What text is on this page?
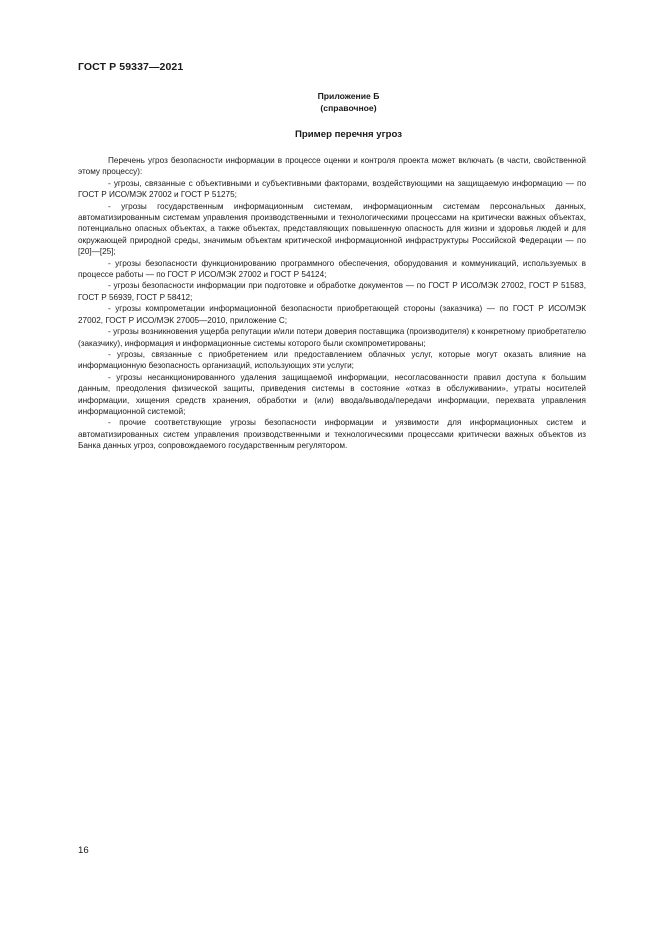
ГОСТ Р 59337—2021
Приложение Б
(справочное)
Пример перечня угроз

Перечень угроз безопасности информации в процессе оценки и контроля проекта может включать (в части, свойственной этому процессу):

- угрозы, связанные с объективными и субъективными факторами, воздействующими на защищаемую информацию — по ГОСТ Р ИСО/МЭК 27002 и ГОСТ Р 51275;

- угрозы государственным информационным системам, информационным системам персональных данных, автоматизированным системам управления производственными и технологическими процессами на критически важных объектах, потенциально опасных объектах, а также объектах, представляющих повышенную опасность для жизни и здоровья людей и для окружающей природной среды, значимым объектам критической информационной инфраструктуры Российской Федерации — по [20]—[25];

- угрозы безопасности функционированию программного обеспечения, оборудования и коммуникаций, используемых в процессе работы — по ГОСТ Р ИСО/МЭК 27002 и ГОСТ Р 54124;

- угрозы безопасности информации при подготовке и обработке документов — по ГОСТ Р ИСО/МЭК 27002, ГОСТ Р 51583, ГОСТ Р 56939, ГОСТ Р 58412;

- угрозы компрометации информационной безопасности приобретающей стороны (заказчика) — по ГОСТ Р ИСО/МЭК 27002, ГОСТ Р ИСО/МЭК 27005—2010, приложение С;

- угрозы возникновения ущерба репутации и/или потери доверия поставщика (производителя) к конкретному приобретателю (заказчику), информация и информационные системы которого были скомпрометированы;

- угрозы, связанные с приобретением или предоставлением облачных услуг, которые могут оказать влияние на информационную безопасность организаций, использующих эти услуги;

- угрозы несанкционированного удаления защищаемой информации, несогласованности правил доступа к большим данным, преодоления физической защиты, приведения системы в состояние «отказ в обслуживании», утраты носителей информации, хищения средств хранения, обработки и (или) ввода/вывода/передачи информации, перехвата управления информационной системой;

- прочие соответствующие угрозы безопасности информации и уязвимости для информационных систем и автоматизированных систем управления производственными и технологическими процессами критически важных объектов из Банка данных угроз, сопровождаемого государственным регулятором.

16
